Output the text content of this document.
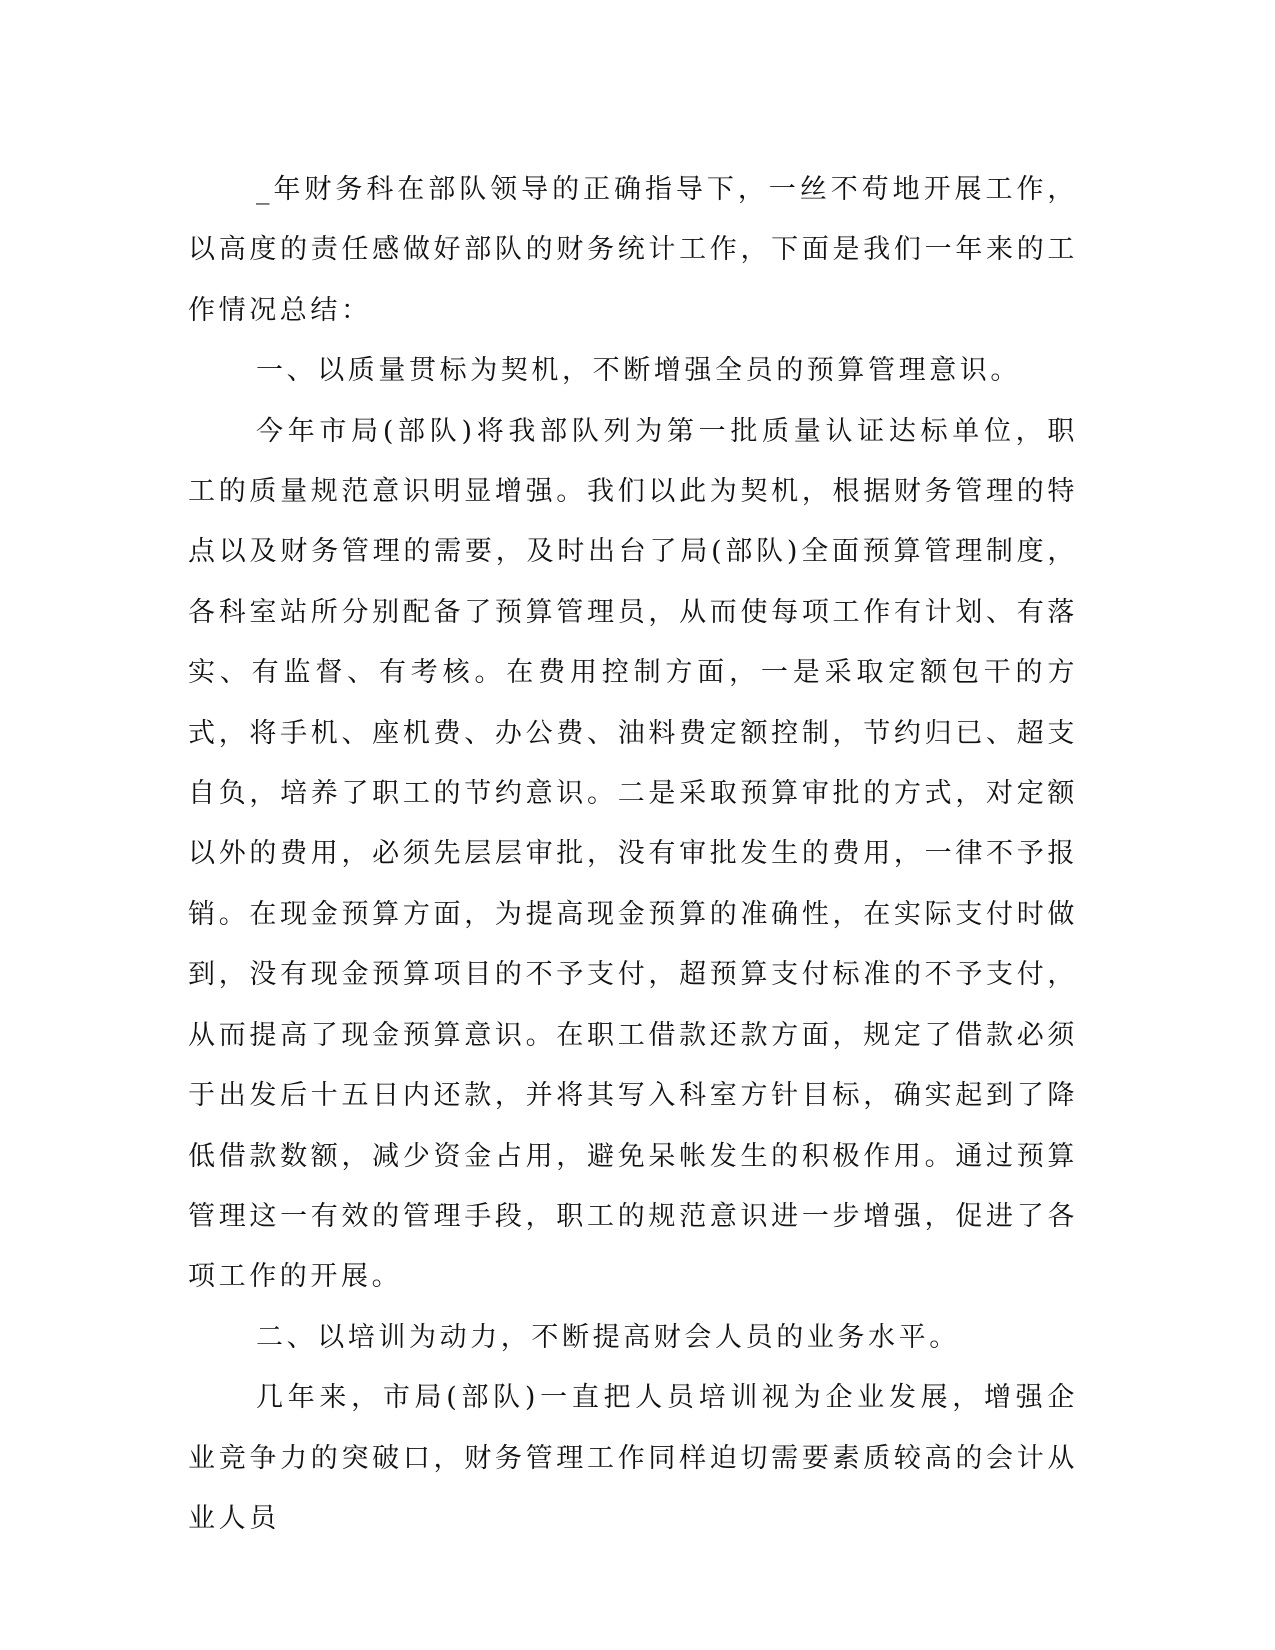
_年财务科在部队领导的正确指导下，一丝不苟地开展工作，以高度的责任感做好部队的财务统计工作，下面是我们一年来的工作情况总结：

一、以质量贯标为契机，不断增强全员的预算管理意识。

今年市局(部队)将我部队列为第一批质量认证达标单位，职工的质量规范意识明显增强。我们以此为契机，根据财务管理的特点以及财务管理的需要，及时出台了局(部队)全面预算管理制度，各科室站所分别配备了预算管理员，从而使每项工作有计划、有落实、有监督、有考核。在费用控制方面，一是采取定额包干的方式，将手机、座机费、办公费、油料费定额控制，节约归已、超支自负，培养了职工的节约意识。二是采取预算审批的方式，对定额以外的费用，必须先层层审批，没有审批发生的费用，一律不予报销。在现金预算方面，为提高现金预算的准确性，在实际支付时做到，没有现金预算项目的不予支付，超预算支付标准的不予支付，从而提高了现金预算意识。在职工借款还款方面，规定了借款必须于出发后十五日内还款，并将其写入科室方针目标，确实起到了降低借款数额，减少资金占用，避免呆帐发生的积极作用。通过预算管理这一有效的管理手段，职工的规范意识进一步增强，促进了各项工作的开展。

二、以培训为动力，不断提高财会人员的业务水平。

几年来，市局(部队)一直把人员培训视为企业发展，增强企业竞争力的突破口，财务管理工作同样迫切需要素质较高的会计从业人员
